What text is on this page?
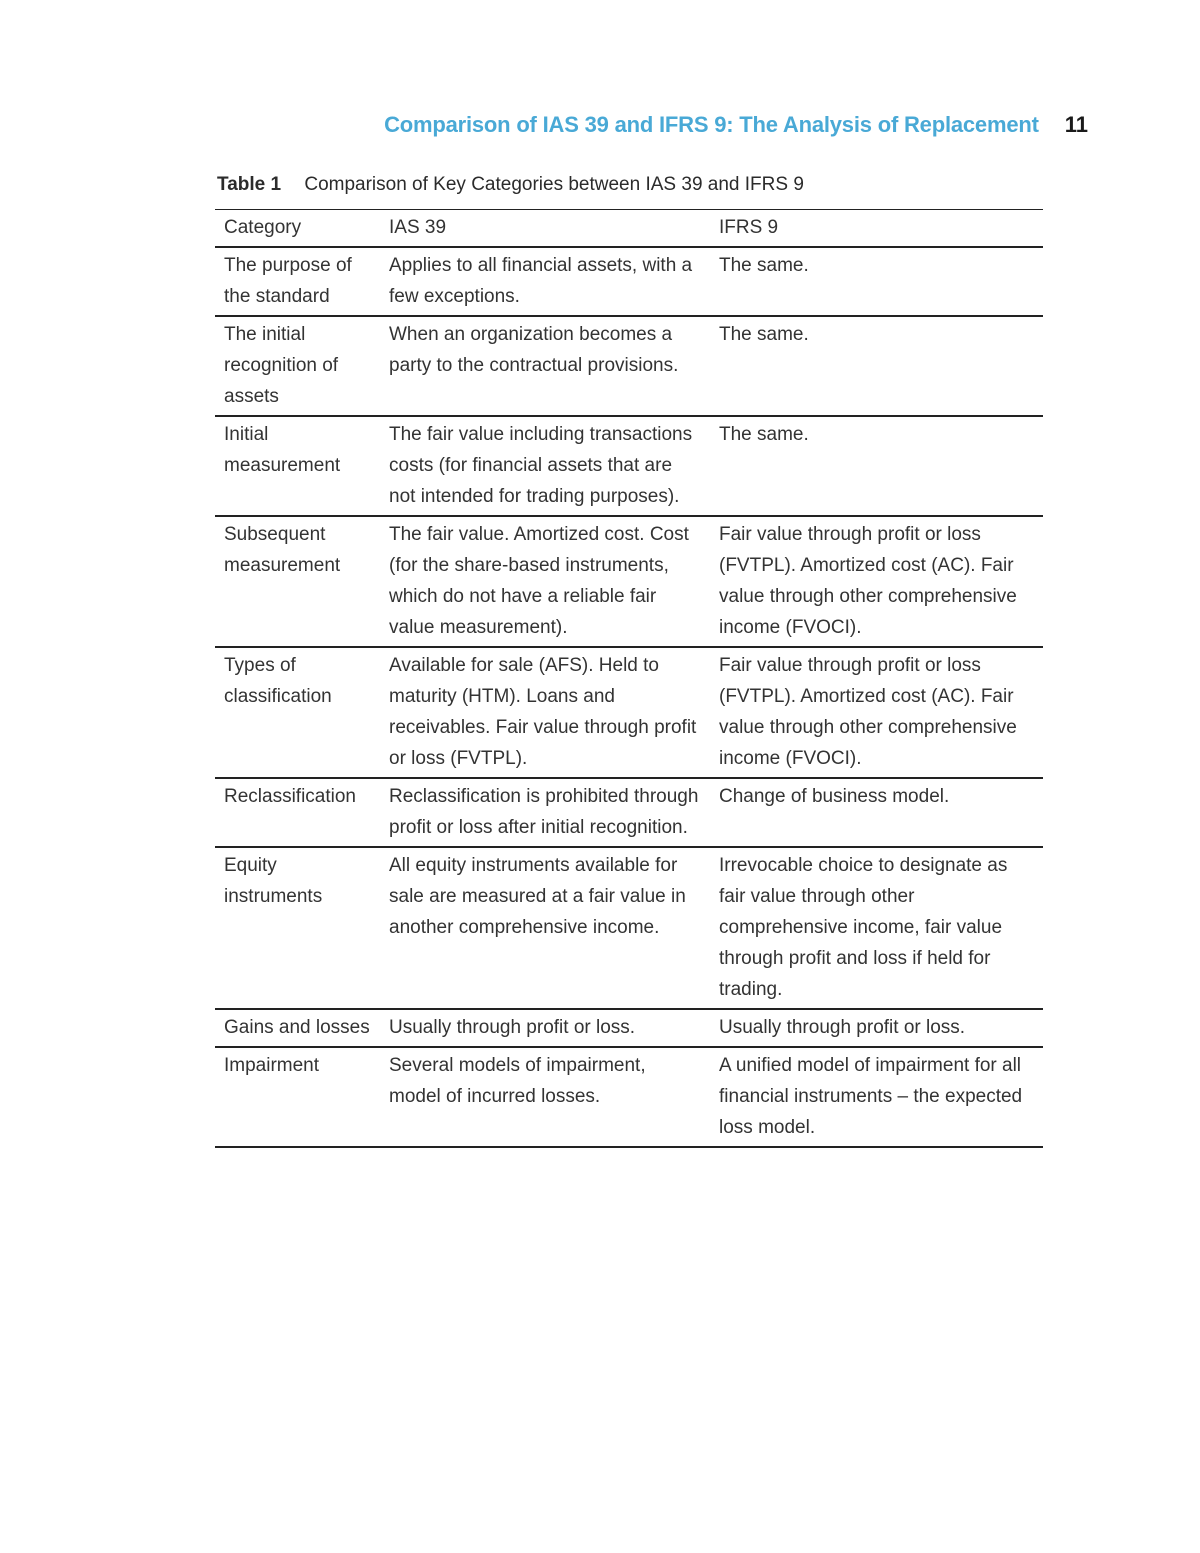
Comparison of IAS 39 and IFRS 9: The Analysis of Replacement 11
Table 1 Comparison of Key Categories between IAS 39 and IFRS 9
Category	IAS 39	IFRS 9
The purpose of the standard	Applies to all financial assets, with a few exceptions.	The same.
The initial recognition of assets	When an organization becomes a party to the contractual provisions.	The same.
Initial measurement	The fair value including transactions costs (for financial assets that are not intended for trading purposes).	The same.
Subsequent measurement	The fair value. Amortized cost. Cost (for the share-based instruments, which do not have a reliable fair value measurement).	Fair value through profit or loss (FVTPL). Amortized cost (AC). Fair value through other comprehensive income (FVOCI).
Types of classification	Available for sale (AFS). Held to maturity (HTM). Loans and receivables. Fair value through profit or loss (FVTPL).	Fair value through profit or loss (FVTPL). Amortized cost (AC). Fair value through other comprehensive income (FVOCI).
Reclassification	Reclassification is prohibited through profit or loss after initial recognition.	Change of business model.
Equity instruments	All equity instruments available for sale are measured at a fair value in another comprehensive income.	Irrevocable choice to designate as fair value through other comprehensive income, fair value through profit and loss if held for trading.
Gains and losses	Usually through profit or loss.	Usually through profit or loss.
Impairment	Several models of impairment, model of incurred losses.	A unified model of impairment for all financial instruments – the expected loss model.
